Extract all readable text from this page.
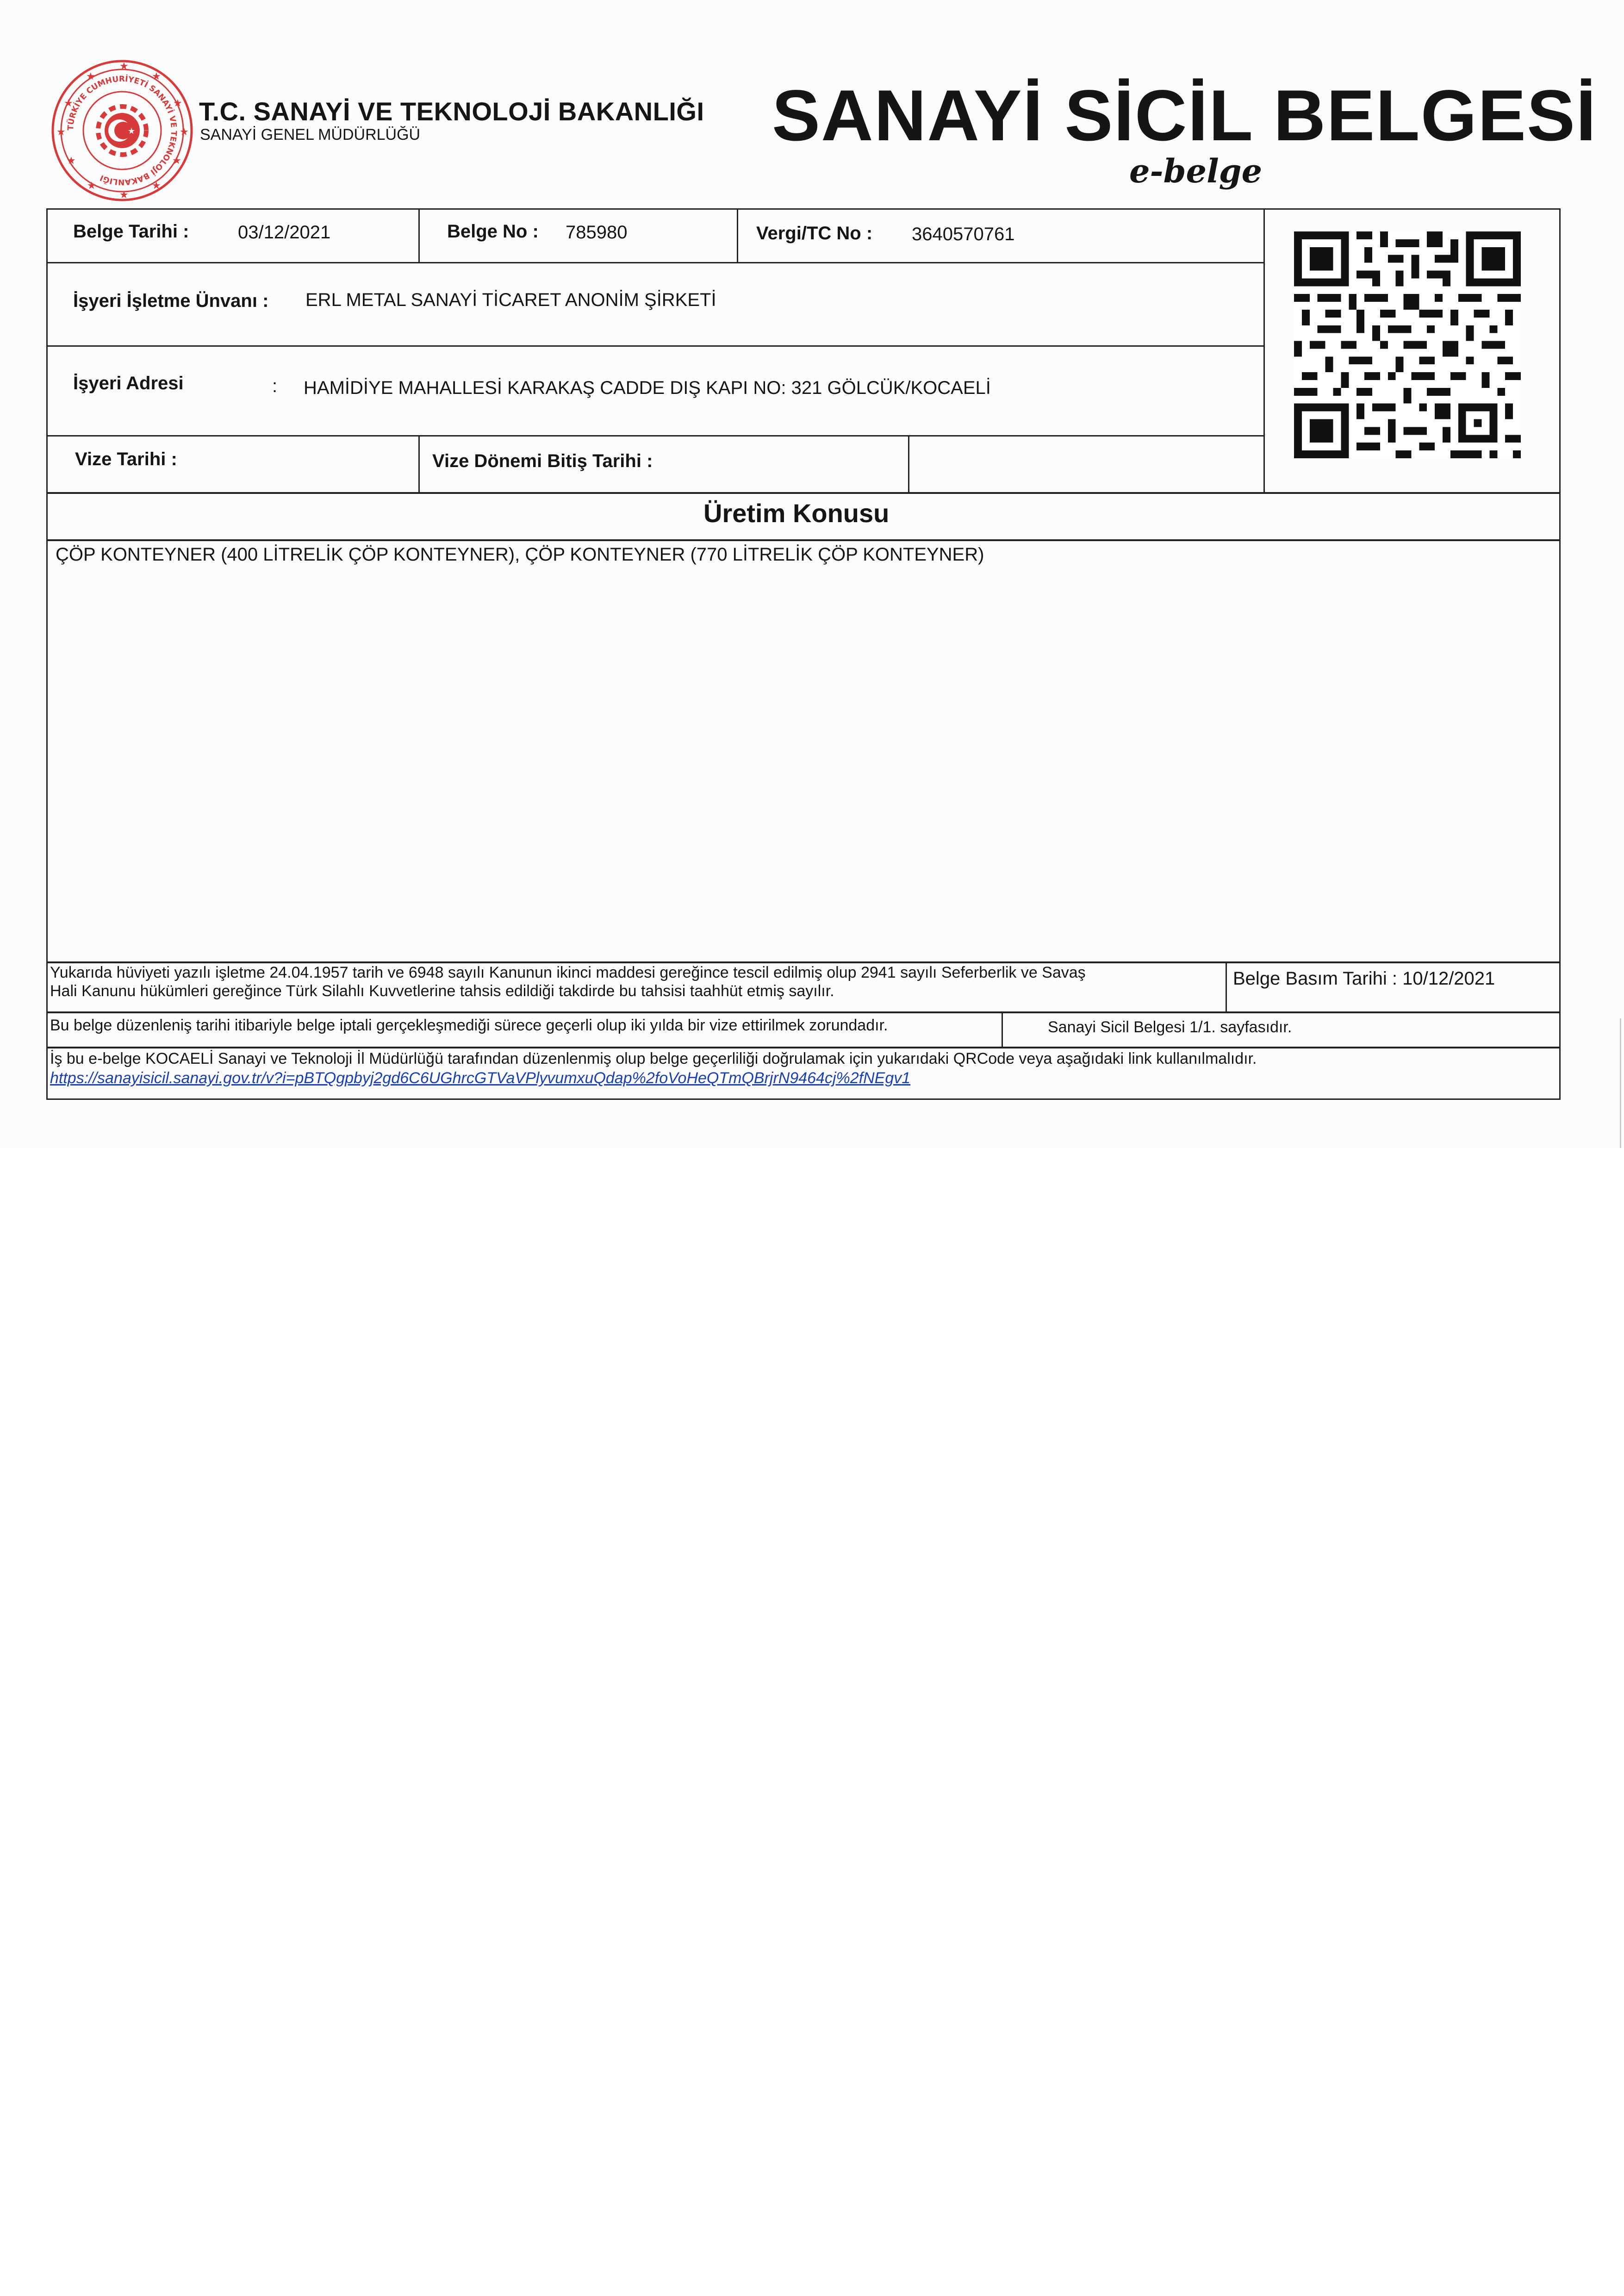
TÜRKİYE CUMHURİYETİ SANAYİ VE TEKNOLOJİ BAKANLIĞI
★
★
★
★
★
★
★
★
★
★
★
★
★
T.C. SANAYİ VE TEKNOLOJİ BAKANLIĞI
SANAYİ GENEL MÜDÜRLÜĞÜ	SANAYİ SİCİL BELGESİ
e-belge
Belge Tarihi :	03/12/2021	Belge No : 785980	Vergi/TC No : 3640570761
İşyeri İşletme Ünvanı : ERL METAL SANAYİ TİCARET ANONİM ŞİRKETİ
İşyeri Adresi	: HAMİDİYE MAHALLESİ KARAKAŞ CADDE DIŞ KAPI NO: 321 GÖLCÜK/KOCAELİ
Vize Tarihi :	Vize Dönemi Bitiş Tarihi :
Üretim Konusu
ÇÖP KONTEYNER (400 LİTRELİK ÇÖP KONTEYNER), ÇÖP KONTEYNER (770 LİTRELİK ÇÖP KONTEYNER)
Yukarıda hüviyeti yazılı işletme 24.04.1957 tarih ve 6948 sayılı Kanunun ikinci maddesi gereğince tescil edilmiş olup 2941 sayılı Seferberlik ve Savaş
Hali Kanunu hükümleri gereğince Türk Silahlı Kuvvetlerine tahsis edildiği takdirde bu tahsisi taahhüt etmiş sayılır.
Belge Basım Tarihi : 10/12/2021
Bu belge düzenleniş tarihi itibariyle belge iptali gerçekleşmediği sürece geçerli olup iki yılda bir vize ettirilmek zorundadır.	Sanayi Sicil Belgesi 1/1. sayfasıdır.
İş bu e-belge KOCAELİ Sanayi ve Teknoloji İl Müdürlüğü tarafından düzenlenmiş olup belge geçerliliği doğrulamak için yukarıdaki QRCode veya aşağıdaki link kullanılmalıdır.
https://sanayisicil.sanayi.gov.tr/v?i=pBTQgpbyj2gd6C6UGhrcGTVaVPlyvumxuQdap%2foVoHeQTmQBrjrN9464cj%2fNEgv1
